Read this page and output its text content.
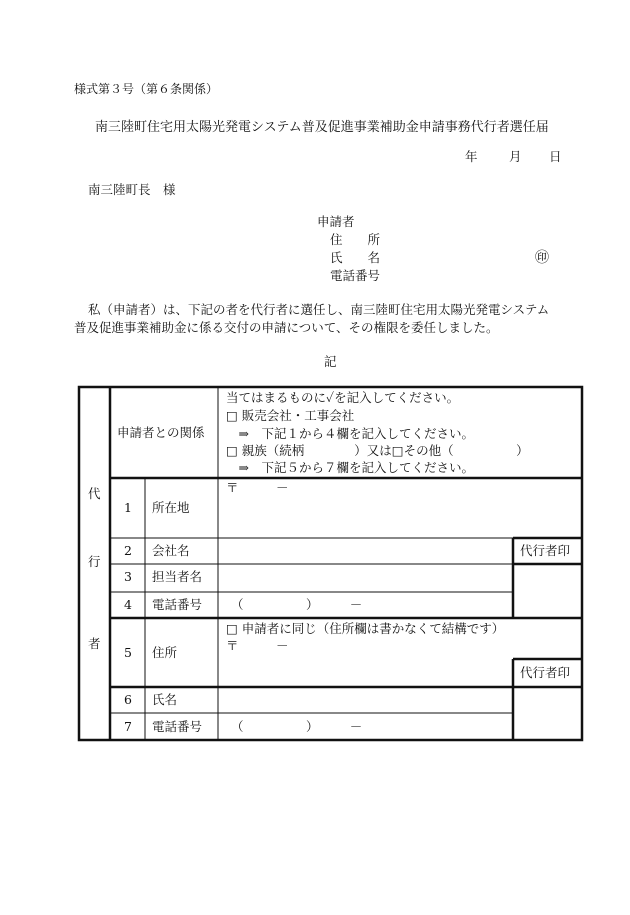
様式第３号（第６条関係）
南三陸町住宅用太陽光発電システム普及促進事業補助金申請事務代行者選任届
年	月 日
南三陸町長　様
申請者
住　　所
氏　　名	㊞
電話番号
私（申請者）は、下記の者を代行者に選任し、南三陸町住宅用太陽光発電システム
普及促進事業補助金に係る交付の申請について、その権限を委任しました。
記
代
行
者
申請者との関係
当てはまるものに✓を記入してください。
□ 販売会社・工事会社
　⇒　下記１から４欄を記入してください。
□ 親族（続柄　　　　）又は□その他（　　　　　）
　⇒　下記５から７欄を記入してください。
1 所在地
〒　　　－
2 会社名	代行者印
3 担当者名
4 電話番号 （　　　　　）　　　－
5 住所
□ 申請者に同じ（住所欄は書かなくて結構です）
〒　　　－
代行者印
6 氏名
7 電話番号 （　　　　　）　　　－
